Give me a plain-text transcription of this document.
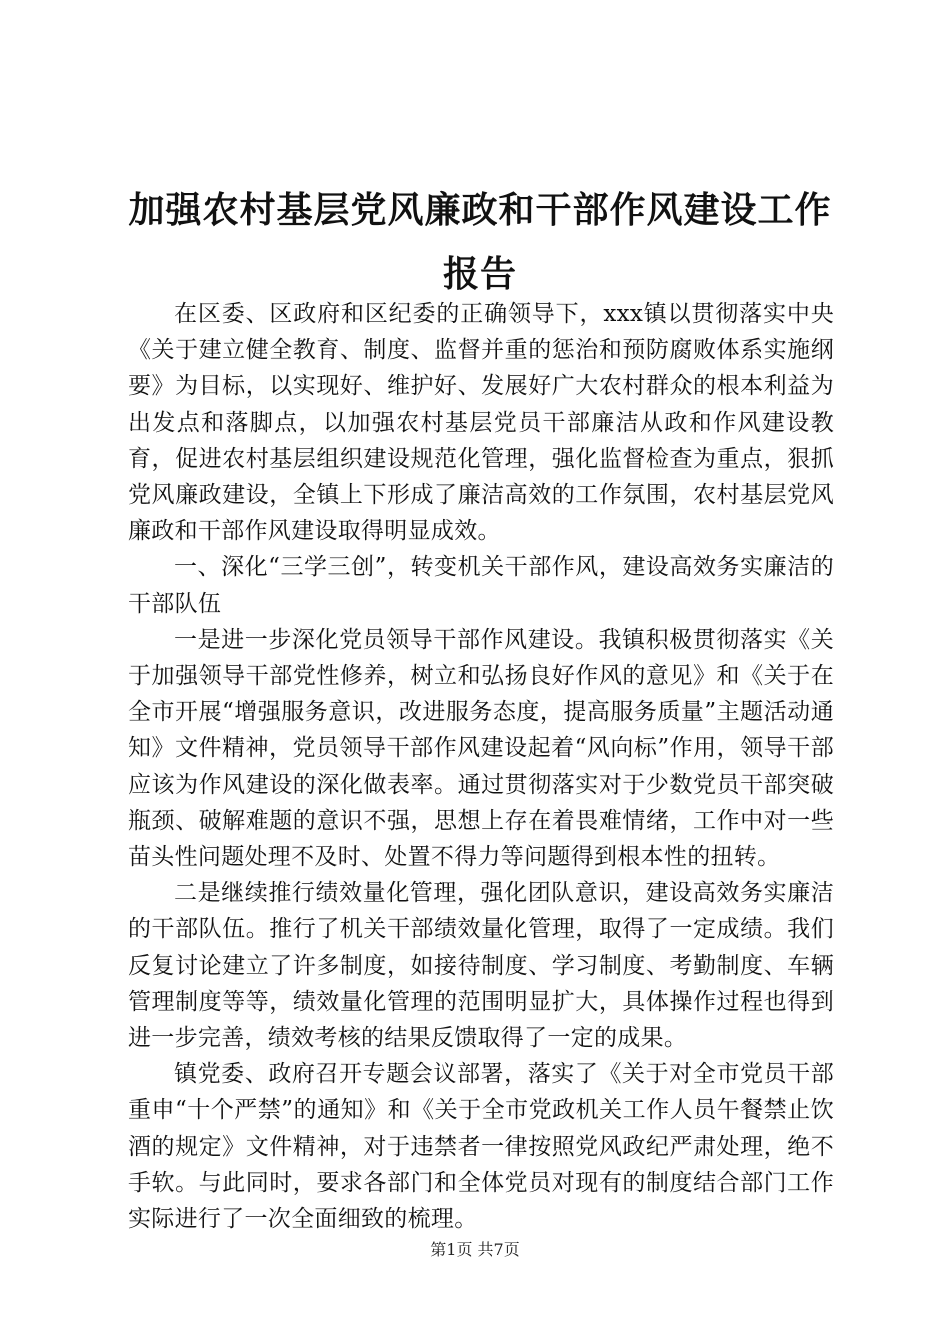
加强农村基层党风廉政和干部作风建设工作报告

在区委、区政府和区纪委的正确领导下，xxx镇以贯彻落实中央《关于建立健全教育、制度、监督并重的惩治和预防腐败体系实施纲要》为目标，以实现好、维护好、发展好广大农村群众的根本利益为出发点和落脚点，以加强农村基层党员干部廉洁从政和作风建设教育，促进农村基层组织建设规范化管理，强化监督检查为重点，狠抓党风廉政建设，全镇上下形成了廉洁高效的工作氛围，农村基层党风廉政和干部作风建设取得明显成效。

一、深化“三学三创”，转变机关干部作风，建设高效务实廉洁的干部队伍

一是进一步深化党员领导干部作风建设。我镇积极贯彻落实《关于加强领导干部党性修养，树立和弘扬良好作风的意见》和《关于在全市开展“增强服务意识，改进服务态度，提高服务质量”主题活动通知》文件精神，党员领导干部作风建设起着“风向标”作用，领导干部应该为作风建设的深化做表率。通过贯彻落实对于少数党员干部突破瓶颈、破解难题的意识不强，思想上存在着畏难情绪，工作中对一些苗头性问题处理不及时、处置不得力等问题得到根本性的扭转。

二是继续推行绩效量化管理，强化团队意识，建设高效务实廉洁的干部队伍。推行了机关干部绩效量化管理，取得了一定成绩。我们反复讨论建立了许多制度，如接待制度、学习制度、考勤制度、车辆管理制度等等，绩效量化管理的范围明显扩大，具体操作过程也得到进一步完善，绩效考核的结果反馈取得了一定的成果。

镇党委、政府召开专题会议部署，落实了《关于对全市党员干部重申“十个严禁”的通知》和《关于全市党政机关工作人员午餐禁止饮酒的规定》文件精神，对于违禁者一律按照党风政纪严肃处理，绝不手软。与此同时，要求各部门和全体党员对现有的制度结合部门工作实际进行了一次全面细致的梳理。

第1页 共7页
